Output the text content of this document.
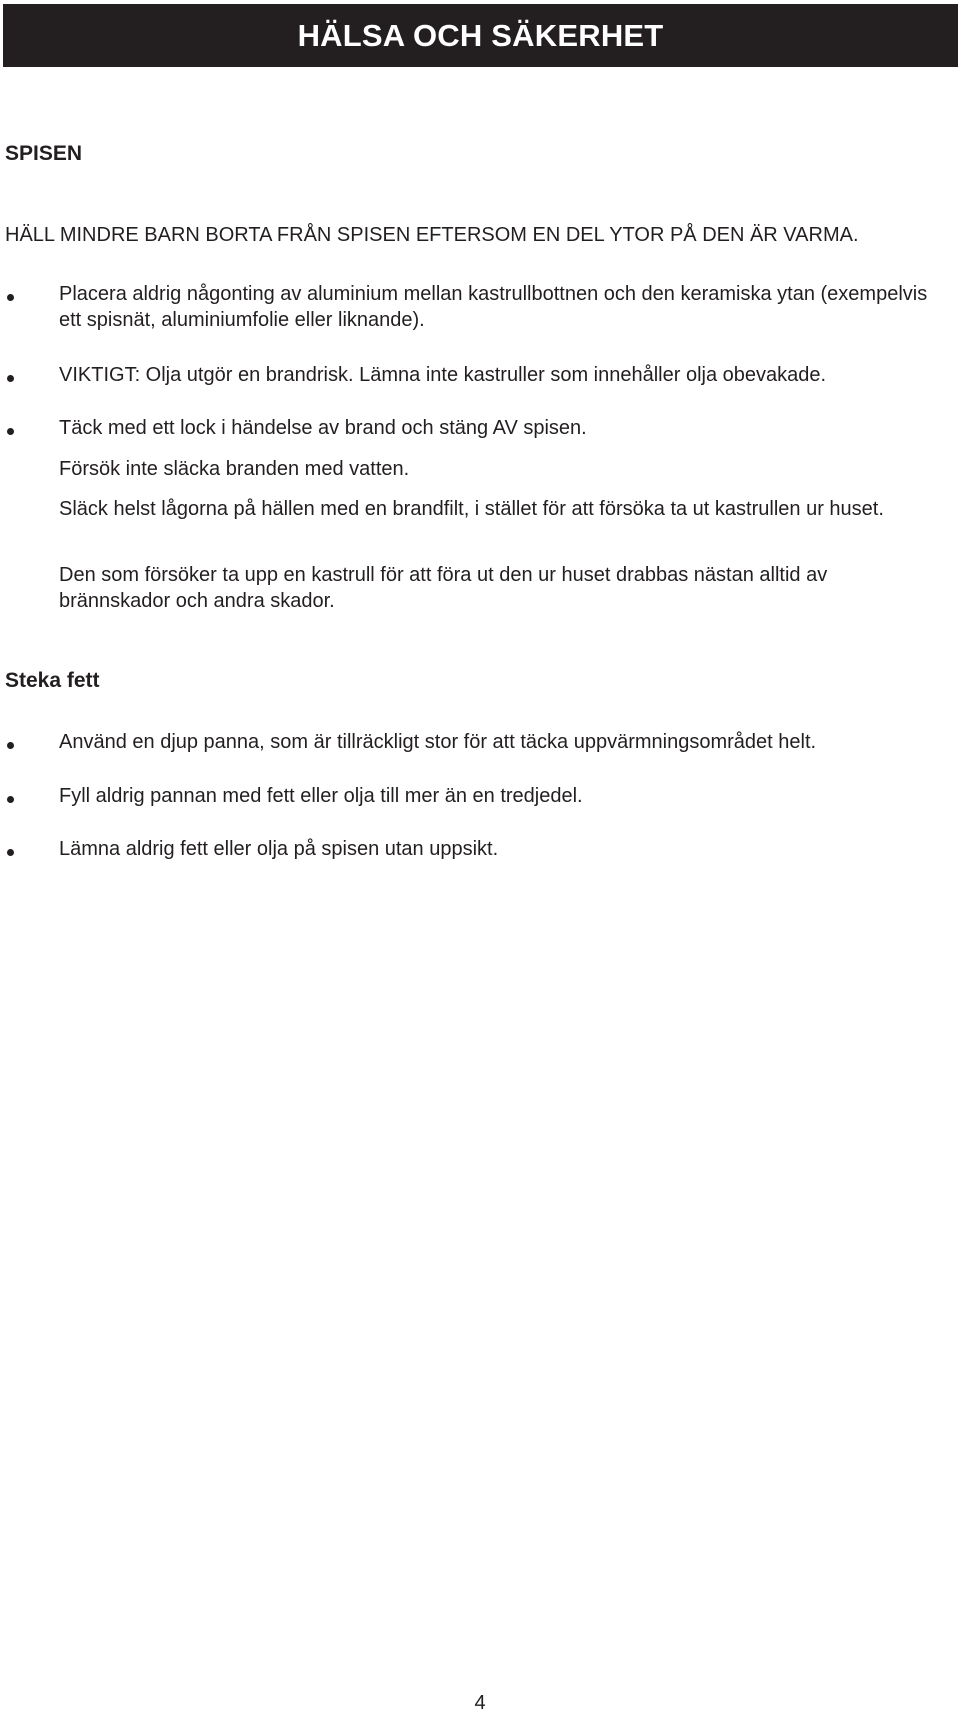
HÄLSA OCH SÄKERHET
SPISEN

HÄLL MINDRE BARN BORTA FRÅN SPISEN EFTERSOM EN DEL YTOR PÅ DEN ÄR VARMA.

Placera aldrig någonting av aluminium mellan kastrullbottnen och den keramiska ytan (exempelvis ett spisnät, aluminiumfolie eller liknande).

VIKTIGT: Olja utgör en brandrisk. Lämna inte kastruller som innehåller olja obevakade.

Täck med ett lock i händelse av brand och stäng AV spisen.

Försök inte släcka branden med vatten.

Släck helst lågorna på hällen med en brandfilt, i stället för att försöka ta ut kastrullen ur huset.

Den som försöker ta upp en kastrull för att föra ut den ur huset drabbas nästan alltid av brännskador och andra skador.

Steka fett

Använd en djup panna, som är tillräckligt stor för att täcka uppvärmningsområdet helt.

Fyll aldrig pannan med fett eller olja till mer än en tredjedel.

Lämna aldrig fett eller olja på spisen utan uppsikt.

4
